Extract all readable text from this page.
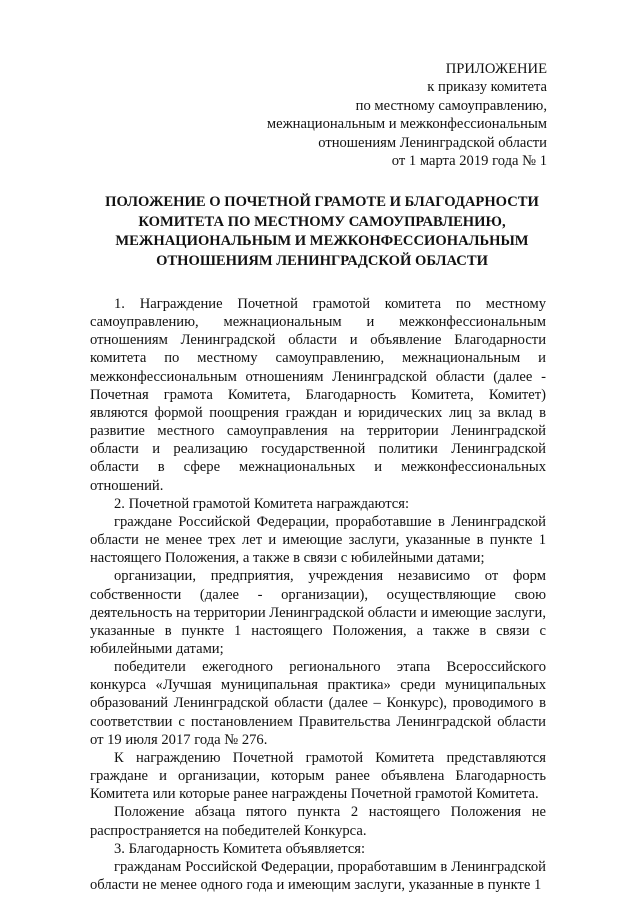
ПРИЛОЖЕНИЕ
к приказу комитета
по местному самоуправлению,
межнациональным и межконфессиональным
отношениям Ленинградской области
от 1 марта 2019 года № 1
ПОЛОЖЕНИЕ О ПОЧЕТНОЙ ГРАМОТЕ И БЛАГОДАРНОСТИ
КОМИТЕТА ПО МЕСТНОМУ САМОУПРАВЛЕНИЮ,
МЕЖНАЦИОНАЛЬНЫМ И МЕЖКОНФЕССИОНАЛЬНЫМ
ОТНОШЕНИЯМ ЛЕНИНГРАДСКОЙ ОБЛАСТИ

1. Награждение Почетной грамотой комитета по местному самоуправлению, межнациональным и межконфессиональным отношениям Ленинградской области и объявление Благодарности комитета по местному самоуправлению, межнациональным и межконфессиональным отношениям Ленинградской области (далее - Почетная грамота Комитета, Благодарность Комитета, Комитет) являются формой поощрения граждан и юридических лиц за вклад в развитие местного самоуправления на территории Ленинградской области и реализацию государственной политики Ленинградской области в сфере межнациональных и межконфессиональных отношений.

2. Почетной грамотой Комитета награждаются:

граждане Российской Федерации, проработавшие в Ленинградской области не менее трех лет и имеющие заслуги, указанные в пункте 1 настоящего Положения, а также в связи с юбилейными датами;

организации, предприятия, учреждения независимо от форм собственности (далее - организации), осуществляющие свою деятельность на территории Ленинградской области и имеющие заслуги, указанные в пункте 1 настоящего Положения, а также в связи с юбилейными датами;

победители ежегодного регионального этапа Всероссийского конкурса «Лучшая муниципальная практика» среди муниципальных образований Ленинградской области (далее – Конкурс), проводимого в соответствии с постановлением Правительства Ленинградской области от 19 июля 2017 года № 276.

К награждению Почетной грамотой Комитета представляются граждане и организации, которым ранее объявлена Благодарность Комитета или которые ранее награждены Почетной грамотой Комитета.

Положение абзаца пятого пункта 2 настоящего Положения не распространяется на победителей Конкурса.

3. Благодарность Комитета объявляется:

гражданам Российской Федерации, проработавшим в Ленинградской области не менее одного года и имеющим заслуги, указанные в пункте 1
